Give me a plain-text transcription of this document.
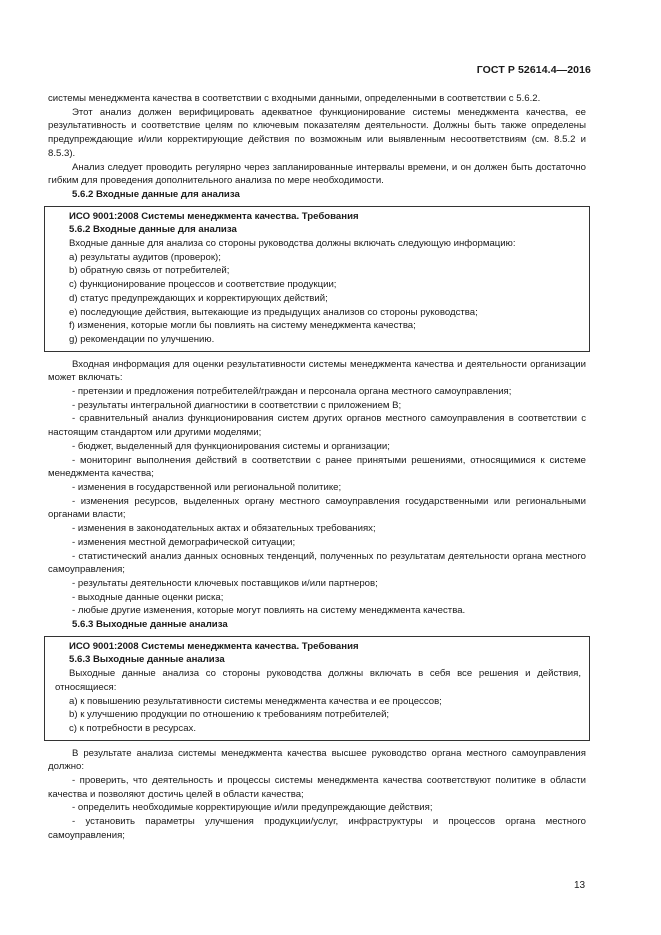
ГОСТ Р 52614.4—2016

системы менеджмента качества в соответствии с входными данными, определенными в соответствии с 5.6.2.

Этот анализ должен верифицировать адекватное функционирование системы менеджмента качества, ее результативность и соответствие целям по ключевым показателям деятельности. Должны быть также определены предупреждающие и/или корректирующие действия по возможным или выявленным несоответствиям (см. 8.5.2 и 8.5.3).

Анализ следует проводить регулярно через запланированные интервалы времени, и он должен быть достаточно гибким для проведения дополнительного анализа по мере необходимости.

5.6.2 Входные данные для анализа

ИСО 9001:2008 Системы менеджмента качества. Требования

5.6.2 Входные данные для анализа

Входные данные для анализа со стороны руководства должны включать следующую информацию:

a) результаты аудитов (проверок);

b) обратную связь от потребителей;

c) функционирование процессов и соответствие продукции;

d) статус предупреждающих и корректирующих действий;

e) последующие действия, вытекающие из предыдущих анализов со стороны руководства;

f) изменения, которые могли бы повлиять на систему менеджмента качества;

g) рекомендации по улучшению.

Входная информация для оценки результативности системы менеджмента качества и деятельности организации может включать:

- претензии и предложения потребителей/граждан и персонала органа местного самоуправления;

- результаты интегральной диагностики в соответствии с приложением В;

- сравнительный анализ функционирования систем других органов местного самоуправления в соответствии с настоящим стандартом или другими моделями;

- бюджет, выделенный для функционирования системы и организации;

- мониторинг выполнения действий в соответствии с ранее принятыми решениями, относящимися к системе менеджмента качества;

- изменения в государственной или региональной политике;

- изменения ресурсов, выделенных органу местного самоуправления государственными или региональными органами власти;

- изменения в законодательных актах и обязательных требованиях;

- изменения местной демографической ситуации;

- статистический анализ данных основных тенденций, полученных по результатам деятельности органа местного самоуправления;

- результаты деятельности ключевых поставщиков и/или партнеров;

- выходные данные оценки риска;

- любые другие изменения, которые могут повлиять на систему менеджмента качества.

5.6.3 Выходные данные анализа

ИСО 9001:2008 Системы менеджмента качества. Требования

5.6.3 Выходные данные анализа

Выходные данные анализа со стороны руководства должны включать в себя все решения и действия, относящиеся:

a) к повышению результативности системы менеджмента качества и ее процессов;

b) к улучшению продукции по отношению к требованиям потребителей;

c) к потребности в ресурсах.

В результате анализа системы менеджмента качества высшее руководство органа местного самоуправления должно:

- проверить, что деятельность и процессы системы менеджмента качества соответствуют политике в области качества и позволяют достичь целей в области качества;

- определить необходимые корректирующие и/или предупреждающие действия;

- установить параметры улучшения продукции/услуг, инфраструктуры и процессов органа местного самоуправления;

13
